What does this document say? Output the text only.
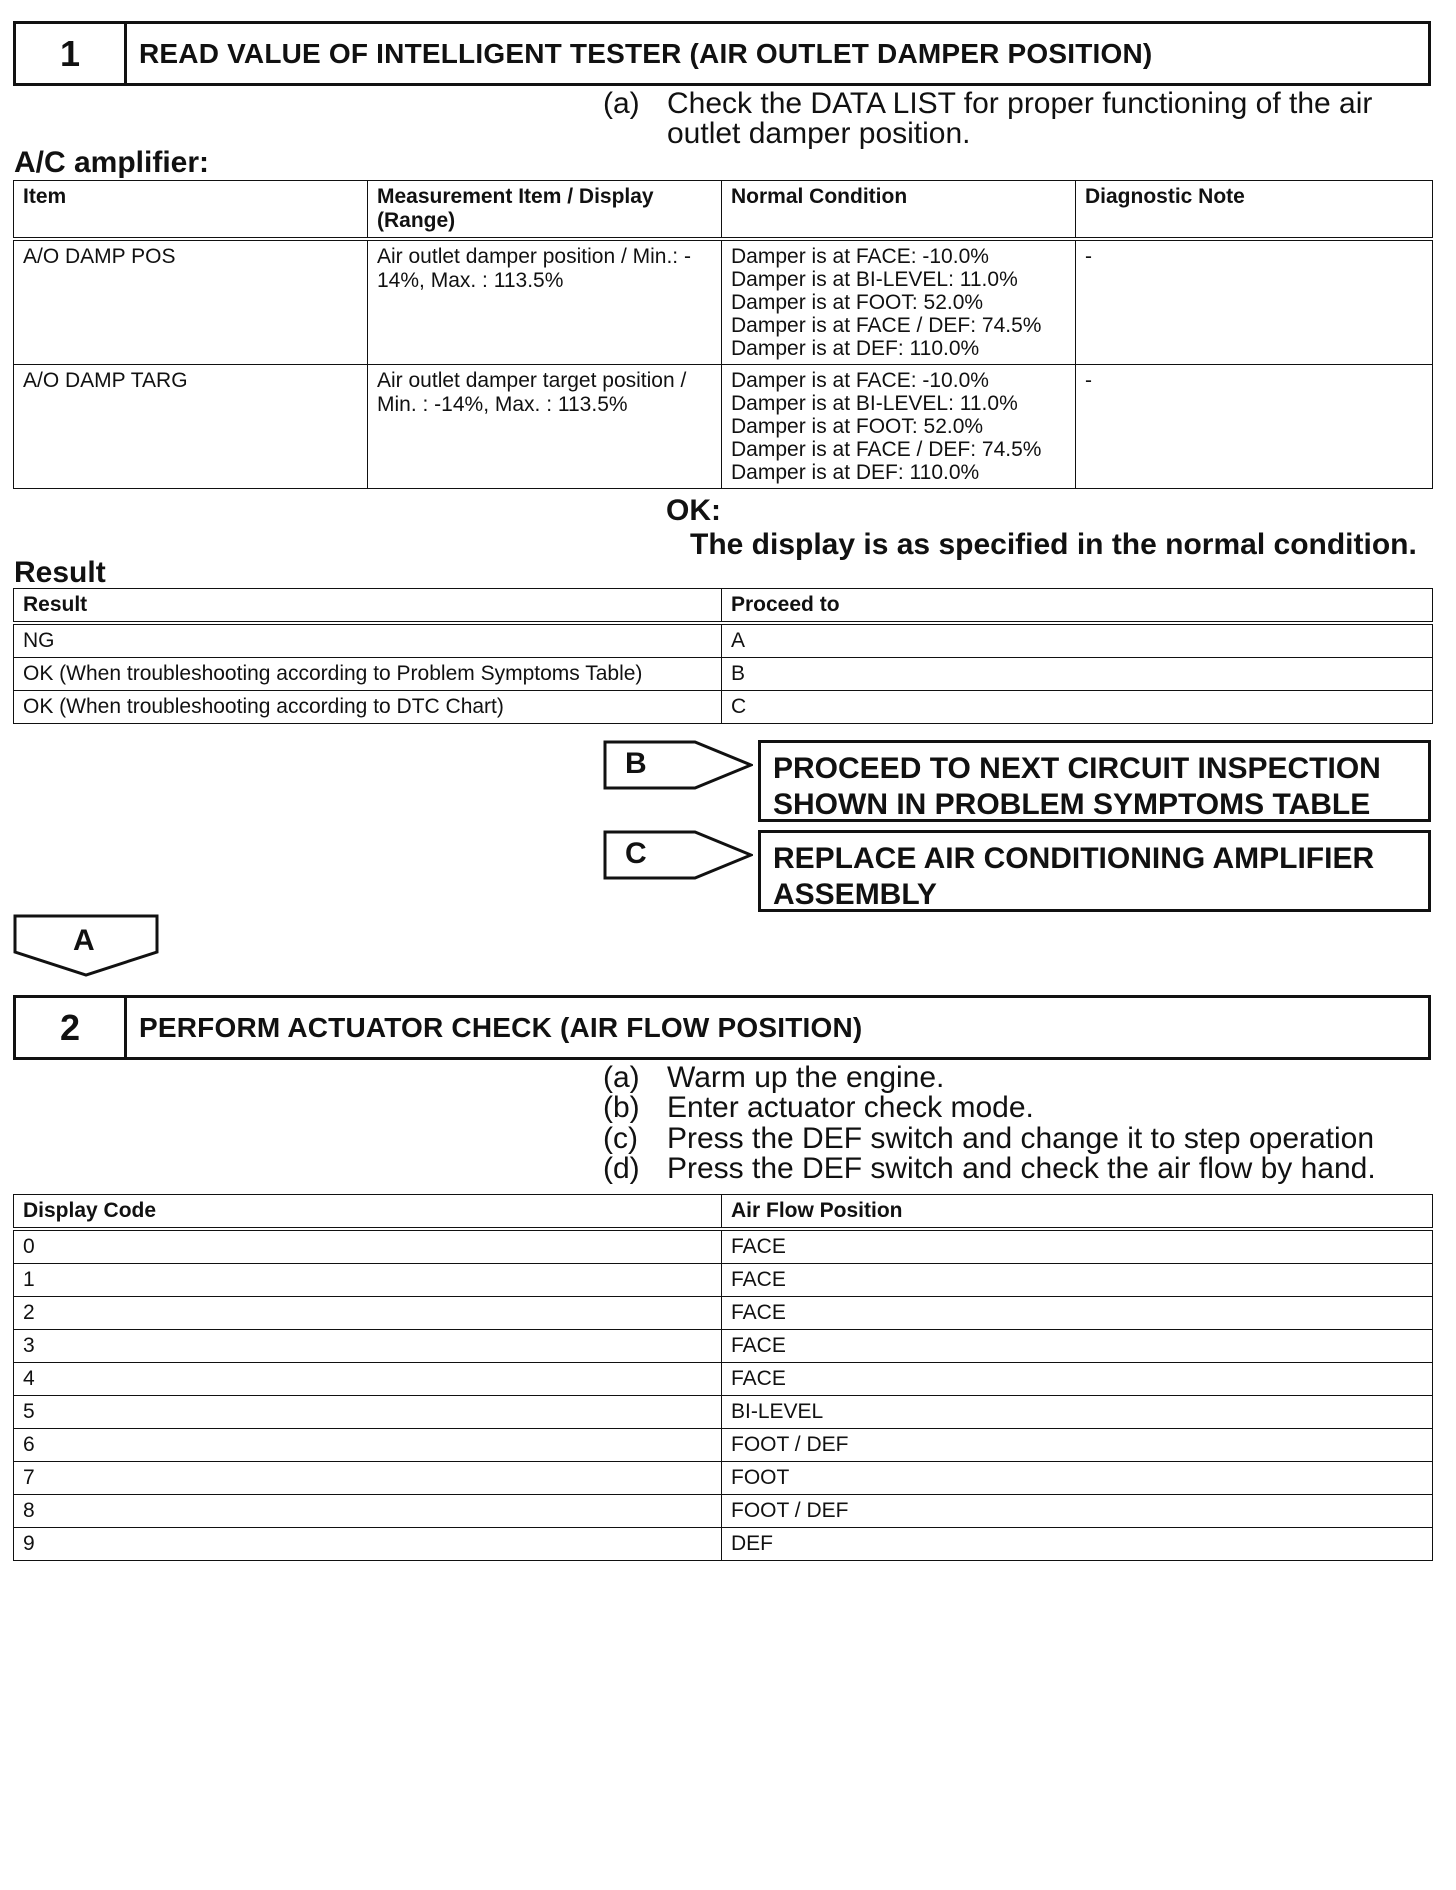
1	READ VALUE OF INTELLIGENT TESTER (AIR OUTLET DAMPER POSITION)
(a) Check the DATA LIST for proper functioning of the air
outlet damper position.
A/C amplifier:
Item	Measurement Item / Display
(Range)	Normal Condition	Diagnostic Note
A/O DAMP POS	Air outlet damper position / Min.: -
14%, Max. : 113.5%	Damper is at FACE: -10.0%
Damper is at BI-LEVEL: 11.0%
Damper is at FOOT: 52.0%
Damper is at FACE / DEF: 74.5%
Damper is at DEF: 110.0%	-
A/O DAMP TARG	Air outlet damper target position /
Min. : -14%, Max. : 113.5%	Damper is at FACE: -10.0%
Damper is at BI-LEVEL: 11.0%
Damper is at FOOT: 52.0%
Damper is at FACE / DEF: 74.5%
Damper is at DEF: 110.0%	-
OK:
The display is as specified in the normal condition.
Result
Result	Proceed to
NG	A
OK (When troubleshooting according to Problem Symptoms Table)	B
OK (When troubleshooting according to DTC Chart)	C
B	PROCEED TO NEXT CIRCUIT INSPECTION
SHOWN IN PROBLEM SYMPTOMS TABLE
C	REPLACE AIR CONDITIONING AMPLIFIER
ASSEMBLY
A
2	PERFORM ACTUATOR CHECK (AIR FLOW POSITION)
(a) Warm up the engine.
(b) Enter actuator check mode.
(c) Press the DEF switch and change it to step operation
(d) Press the DEF switch and check the air flow by hand.
Display Code	Air Flow Position
0	FACE
1	FACE
2	FACE
3	FACE
4	FACE
5	BI-LEVEL
6	FOOT / DEF
7	FOOT
8	FOOT / DEF
9	DEF
